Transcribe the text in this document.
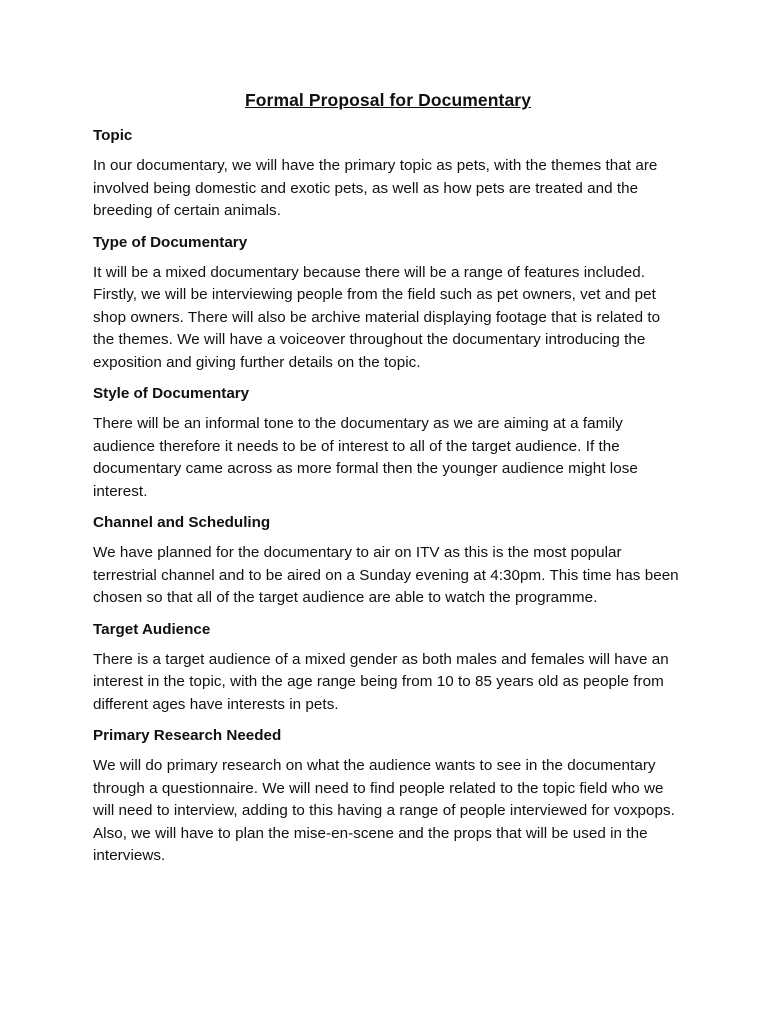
Formal Proposal for Documentary
Topic

In our documentary, we will have the primary topic as pets, with the themes that are involved being domestic and exotic pets, as well as how pets are treated and the breeding of certain animals.

Type of Documentary

It will be a mixed documentary because there will be a range of features included. Firstly, we will be interviewing people from the field such as pet owners, vet and pet shop owners. There will also be archive material displaying footage that is related to the themes. We will have a voiceover throughout the documentary introducing the exposition and giving further details on the topic.

Style of Documentary

There will be an informal tone to the documentary as we are aiming at a family audience therefore it needs to be of interest to all of the target audience. If the documentary came across as more formal then the younger audience might lose interest.

Channel and Scheduling

We have planned for the documentary to air on ITV as this is the most popular terrestrial channel and to be aired on a Sunday evening at 4:30pm. This time has been chosen so that all of the target audience are able to watch the programme.

Target Audience

There is a target audience of a mixed gender as both males and females will have an interest in the topic, with the age range being from 10 to 85 years old as people from different ages have interests in pets.

Primary Research Needed

We will do primary research on what the audience wants to see in the documentary through a questionnaire. We will need to find people related to the topic field who we will need to interview, adding to this having a range of people interviewed for voxpops. Also, we will have to plan the mise-en-scene and the props that will be used in the interviews.
